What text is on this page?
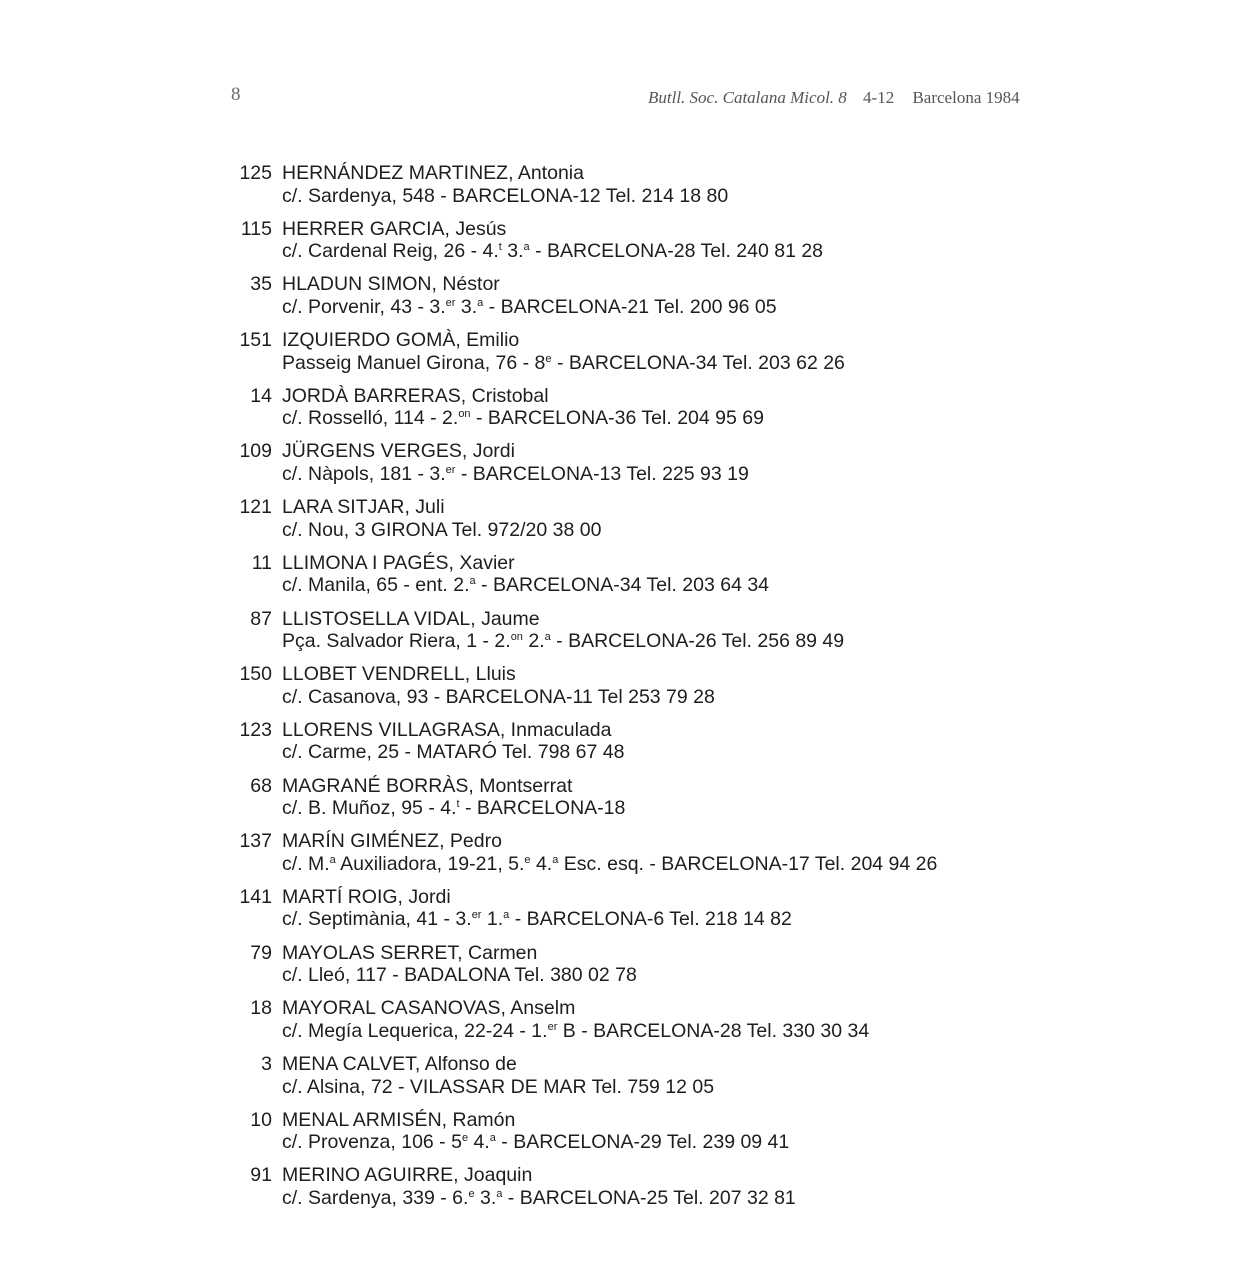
8	Butll. Soc. Catalana Micol. 8 4-12 Barcelona 1984
125 HERNÁNDEZ MARTINEZ, Antonia
c/. Sardenya, 548 - BARCELONA-12 Tel. 214 18 80
115 HERRER GARCIA, Jesús
c/. Cardenal Reig, 26 - 4.$^t$ 3.$^a$ - BARCELONA-28 Tel. 240 81 28
35 HLADUN SIMON, Néstor
c/. Porvenir, 43 - 3.$^{er}$ 3.$^a$ - BARCELONA-21 Tel. 200 96 05
151 IZQUIERDO GOMÀ, Emilio
Passeig Manuel Girona, 76 - 8e - BARCELONA-34 Tel. 203 62 26
14 JORDÀ BARRERAS, Cristobal
c/. Rosselló, 114 - 2.$^{on}$ - BARCELONA-36 Tel. 204 95 69
109 JÜRGENS VERGES, Jordi
c/. Nàpols, 181 - 3.$^{er}$ - BARCELONA-13 Tel. 225 93 19
121 LARA SITJAR, Juli
c/. Nou, 3 GIRONA Tel. 972/20 38 00
11 LLIMONA I PAGÉS, Xavier
c/. Manila, 65 - ent. 2.$^a$ - BARCELONA-34 Tel. 203 64 34
87 LLISTOSELLA VIDAL, Jaume
Pça. Salvador Riera, 1 - 2.$^{on}$ 2.$^a$ - BARCELONA-26 Tel. 256 89 49
150 LLOBET VENDRELL, Lluis
c/. Casanova, 93 - BARCELONA-11 Tel 253 79 28
123 LLORENS VILLAGRASA, Inmaculada
c/. Carme, 25 - MATARÓ Tel. 798 67 48
68 MAGRANÉ BORRÀS, Montserrat
c/. B. Muñoz, 95 - 4.$^t$ - BARCELONA-18
137 MARÍN GIMÉNEZ, Pedro
c/. M.$^a$ Auxiliadora, 19-21, 5.$^e$ 4.$^a$ Esc. esq. - BARCELONA-17 Tel. 204 94 26
141 MARTÍ ROIG, Jordi
c/. Septimània, 41 - 3.$^{er}$ 1.$^a$ - BARCELONA-6 Tel. 218 14 82
79 MAYOLAS SERRET, Carmen
c/. Lleó, 117 - BADALONA Tel. 380 02 78
18 MAYORAL CASANOVAS, Anselm
c/. Megía Lequerica, 22-24 - 1.$^{er}$ B - BARCELONA-28 Tel. 330 30 34
3 MENA CALVET, Alfonso de
c/. Alsina, 72 - VILASSAR DE MAR Tel. 759 12 05
10 MENAL ARMISÉN, Ramón
c/. Provenza, 106 - 5e 4.$^a$ - BARCELONA-29 Tel. 239 09 41
91 MERINO AGUIRRE, Joaquin
c/. Sardenya, 339 - 6.$^e$ 3.$^a$ - BARCELONA-25 Tel. 207 32 81
